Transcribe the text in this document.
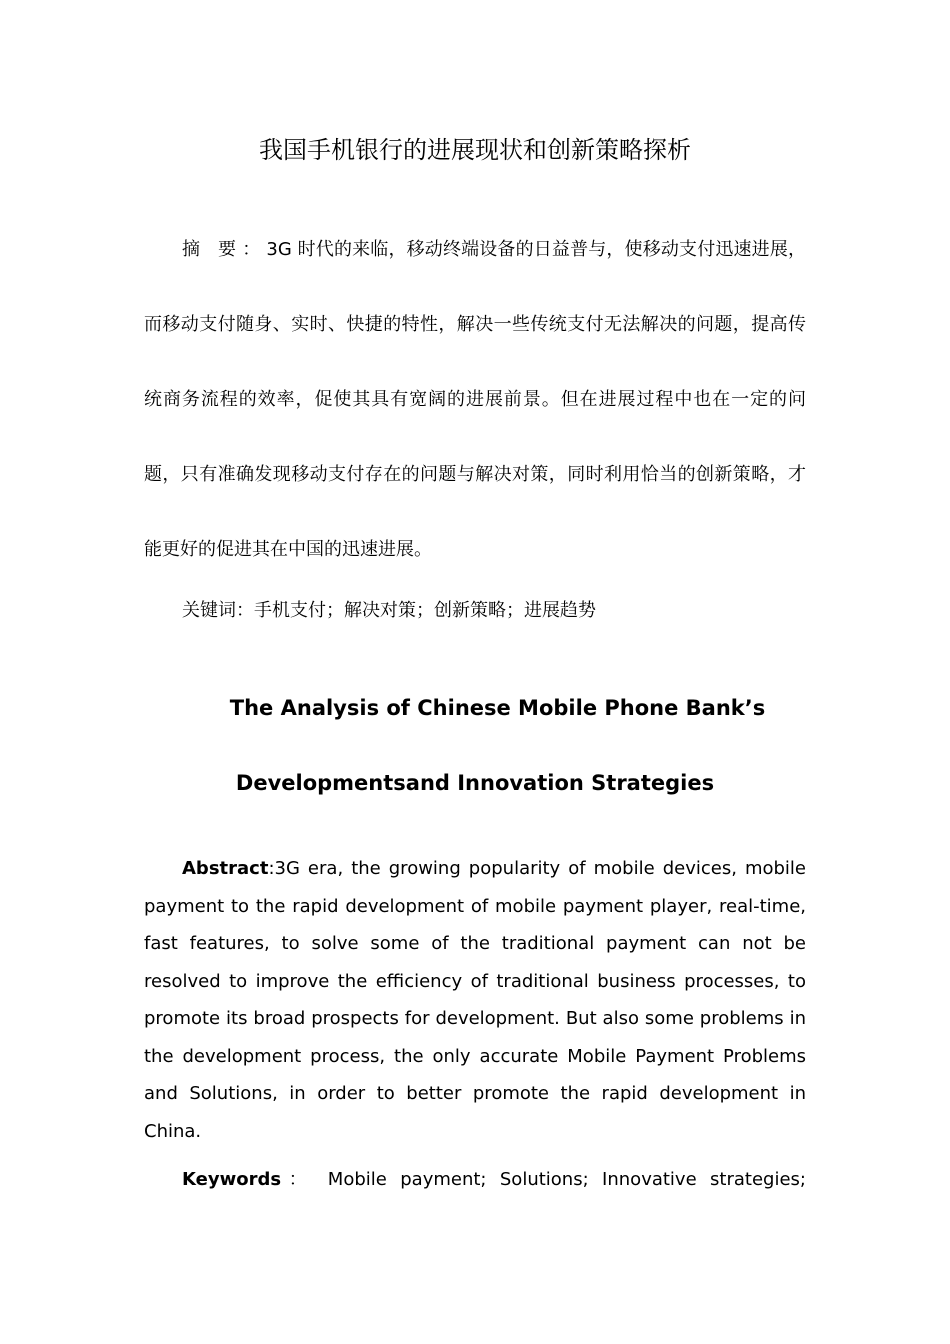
我国手机银行的进展现状和创新策略探析

摘 要：3G 时代的来临，移动终端设备的日益普与，使移动支付迅速进展，而移动支付随身、实时、快捷的特性，解决一些传统支付无法解决的问题，提高传统商务流程的效率，促使其具有宽阔的进展前景。但在进展过程中也在一定的问题，只有准确发现移动支付存在的问题与解决对策，同时利用恰当的创新策略，才能更好的促进其在中国的迅速进展。

关键词：手机支付；解决对策；创新策略；进展趋势

The Analysis of Chinese Mobile Phone Bank’s

Developmentsand Innovation Strategies

Abstract:3G era, the growing popularity of mobile devices, mobile payment to the rapid development of mobile payment player, real-time, fast features, to solve some of the traditional payment can not be resolved to improve the efficiency of traditional business processes, to promote its broad prospects for development. But also some problems in the development process, the only accurate Mobile Payment Problems and Solutions, in order to better promote the rapid development in China.

Keywords： Mobile payment; Solutions; Innovative strategies;
